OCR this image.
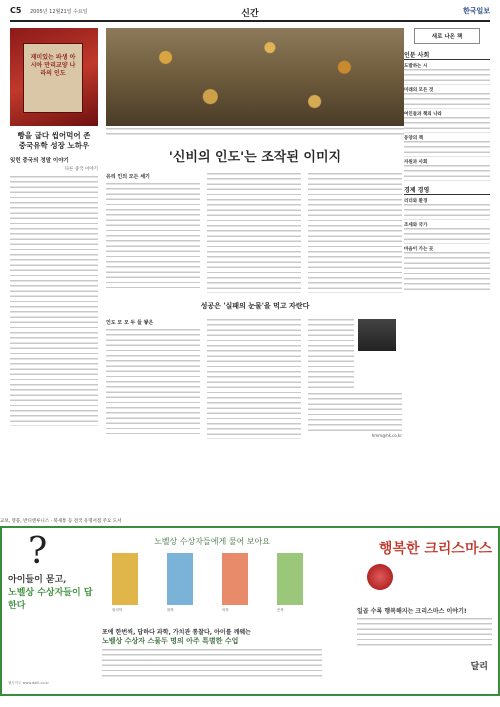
C5 2005년 12월21일 수요일	신간	한국일보
재미있는 파생 아시아 만리교양 나라의 인도
빵을 굽다 씹어먹어 존
중국유학 성장 노하우
잊힌 중국의 정말 이야기
다른 중국 이야기
'신비의 인도'는 조작된 이미지
유리 인의 모든 세기
성공은 '실패의 눈물'을 먹고 자란다
인도 모 모 두 들 쌓은
hmm@hk.co.kr
새로 나온 책
인문 사회
도발하는 시
미래의 모든 것
여인들과 책의 나라
동양의 책
자원과 사회
경제 경영
리더와 환경
조세와 국가
마음이 가는 곳
교보, 영풍, 반디앤루니스 · 북새통 등 전국 유명서점 주요 도서
?
아이들이 묻고,
노벨상 수상자들이 답한다
웹사이트 www.dalli.co.kr
노벨상 수상자들에게 물어 보아요
물리학	화학	의학	문학
포에 한번씩, 답하다 과학, 가치관 통찰다, 아이를 깨웨는
노벨상 수상자 스물두 명의 아주 특별한 수업
행복한 크리스마스
일곱 수록 행복해지는 크리스마스 이야기!
달리
